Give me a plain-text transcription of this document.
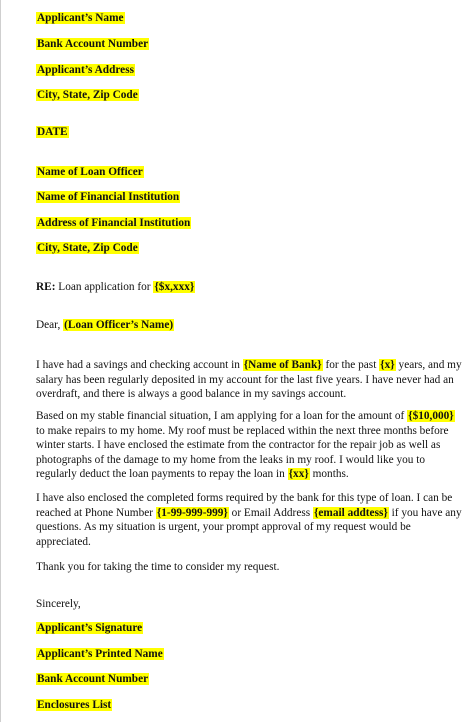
Applicant’s Name
Bank Account Number
Applicant’s Address
City, State, Zip Code
DATE
Name of Loan Officer
Name of Financial Institution
Address of Financial Institution
City, State, Zip Code
RE: Loan application for {$x,xxx}
Dear, (Loan Officer’s Name)
I have had a savings and checking account in {Name of Bank} for the past {x} years, and my
salary has been regularly deposited in my account for the last five years. I have never had an
overdraft, and there is always a good balance in my savings account.
Based on my stable financial situation, I am applying for a loan for the amount of {$10,000}
to make repairs to my home. My roof must be replaced within the next three months before
winter starts. I have enclosed the estimate from the contractor for the repair job as well as
photographs of the damage to my home from the leaks in my roof. I would like you to
regularly deduct the loan payments to repay the loan in {xx} months.
I have also enclosed the completed forms required by the bank for this type of loan. I can be
reached at Phone Number {1-99-999-999} or Email Address {email addtess} if you have any
questions. As my situation is urgent, your prompt approval of my request would be
appreciated.
Thank you for taking the time to consider my request.
Sincerely,
Applicant’s Signature
Applicant’s Printed Name
Bank Account Number
Enclosures List
